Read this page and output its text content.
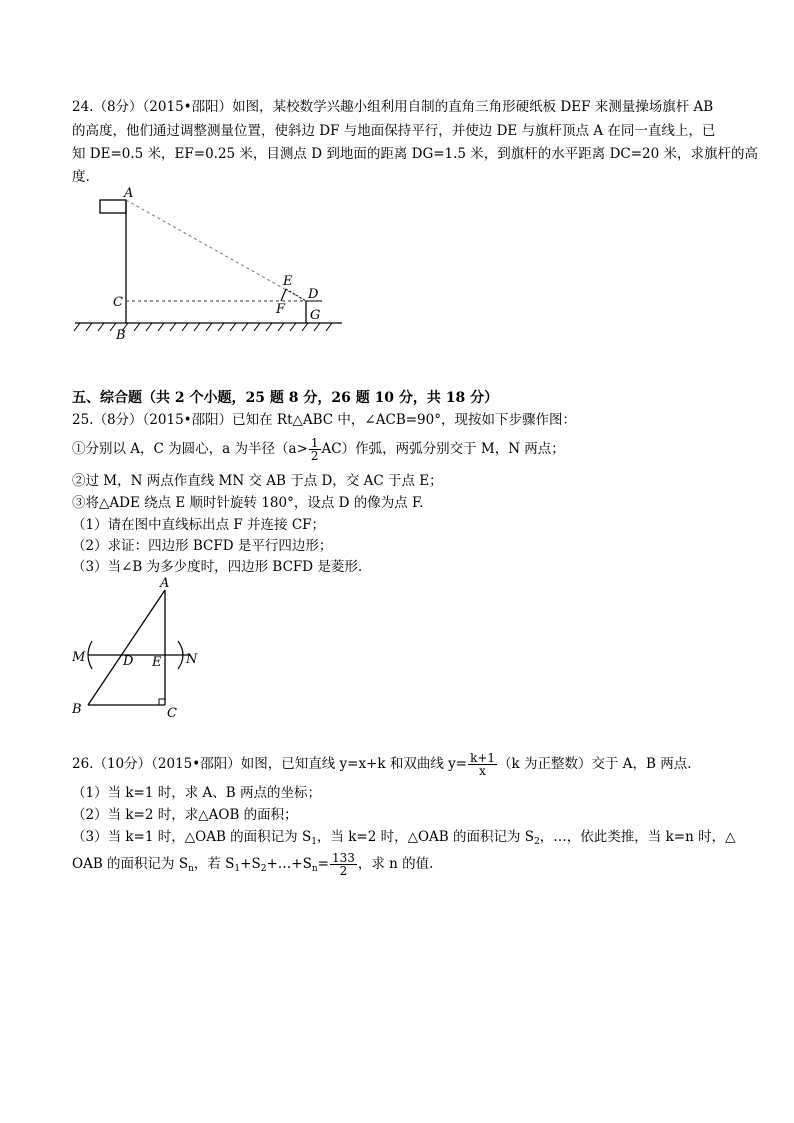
24.（8分）（2015•邵阳）如图，某校数学兴趣小组利用自制的直角三角形硬纸板 DEF 来测量操场旗杆 AB
的高度，他们通过调整测量位置，使斜边 DF 与地面保持平行，并使边 DE 与旗杆顶点 A 在同一直线上，已
知 DE=0.5 米，EF=0.25 米，目测点 D 到地面的距离 DG=1.5 米，到旗杆的水平距离 DC=20 米，求旗杆的高
度.
A
C
B
E
D
F G
五、综合题（共 2 个小题，25 题 8 分，26 题 10 分，共 18 分）
25.（8分）（2015•邵阳）已知在 Rt△ABC 中，∠ACB=90°，现按如下步骤作图：
①分别以 A，C 为圆心，a 为半径$(a> \frac{1}{2} AC)$作弧，两弧分别交于 M，N 两点；
②过 M，N 两点作直线 MN 交 AB 于点 D，交 AC 于点 E；
③将△ADE 绕点 E 顺时针旋转 180°，设点 D 的像为点 F.
（1）请在图中直线标出点 F 并连接 CF；
（2）求证：四边形 BCFD 是平行四边形；
（3）当∠B 为多少度时，四边形 BCFD 是菱形.
A
M	D E N
B	C
26.（10分）（2015•邵阳）如图，已知直线 y=x+k 和双曲线 $y= \frac{k+1}{x} (k$ 为正整数）交于 A，B 两点.
（1）当 k=1 时，求 A、B 两点的坐标；
（2）当 k=2 时，求△AOB 的面积；
（3）当 k=1 时，△OAB 的面积记为 $S_1$，当 k=2 时，△OAB 的面积记为 $S_2$，…，依此类推，当 k=n 时，△
OAB 的面积记为 $S_n$，若 $S_1+S_2+\dots+S_n= \frac{133}{2}$ ，求 n 的值.
